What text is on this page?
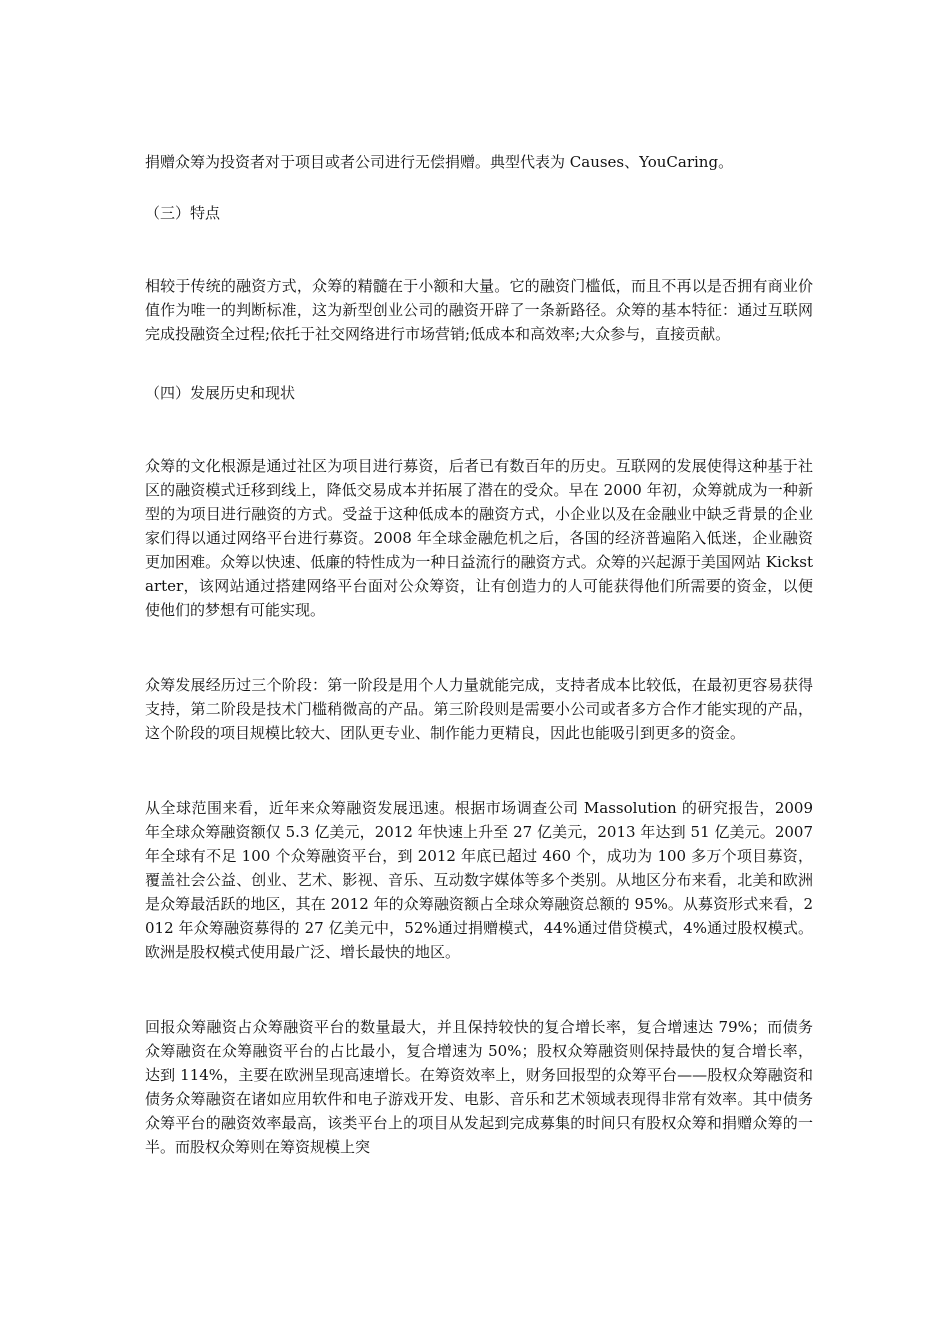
捐赠众筹为投资者对于项目或者公司进行无偿捐赠。典型代表为 Causes、YouCaring。

（三）特点

相较于传统的融资方式，众筹的精髓在于小额和大量。它的融资门槛低，而且不再以是否拥有商业价值作为唯一的判断标准，这为新型创业公司的融资开辟了一条新路径。众筹的基本特征：通过互联网完成投融资全过程;依托于社交网络进行市场营销;低成本和高效率;大众参与，直接贡献。

（四）发展历史和现状

众筹的文化根源是通过社区为项目进行募资，后者已有数百年的历史。互联网的发展使得这种基于社区的融资模式迁移到线上，降低交易成本并拓展了潜在的受众。早在 2000 年初，众筹就成为一种新型的为项目进行融资的方式。受益于这种低成本的融资方式，小企业以及在金融业中缺乏背景的企业家们得以通过网络平台进行募资。2008 年全球金融危机之后，各国的经济普遍陷入低迷，企业融资更加困难。众筹以快速、低廉的特性成为一种日益流行的融资方式。众筹的兴起源于美国网站 Kickstarter，该网站通过搭建网络平台面对公众筹资，让有创造力的人可能获得他们所需要的资金，以便使他们的梦想有可能实现。

众筹发展经历过三个阶段：第一阶段是用个人力量就能完成，支持者成本比较低，在最初更容易获得支持，第二阶段是技术门槛稍微高的产品。第三阶段则是需要小公司或者多方合作才能实现的产品，这个阶段的项目规模比较大、团队更专业、制作能力更精良，因此也能吸引到更多的资金。

从全球范围来看，近年来众筹融资发展迅速。根据市场调查公司 Massolution 的研究报告，2009 年全球众筹融资额仅 5.3 亿美元，2012 年快速上升至 27 亿美元，2013 年达到 51 亿美元。2007 年全球有不足 100 个众筹融资平台，到 2012 年底已超过 460 个，成功为 100 多万个项目募资，覆盖社会公益、创业、艺术、影视、音乐、互动数字媒体等多个类别。从地区分布来看，北美和欧洲是众筹最活跃的地区，其在 2012 年的众筹融资额占全球众筹融资总额的 95%。从募资形式来看，2012 年众筹融资募得的 27 亿美元中，52%通过捐赠模式，44%通过借贷模式，4%通过股权模式。欧洲是股权模式使用最广泛、增长最快的地区。

回报众筹融资占众筹融资平台的数量最大，并且保持较快的复合增长率，复合增速达 79%；而债务众筹融资在众筹融资平台的占比最小，复合增速为 50%；股权众筹融资则保持最快的复合增长率，达到 114%，主要在欧洲呈现高速增长。在筹资效率上，财务回报型的众筹平台——股权众筹融资和债务众筹融资在诸如应用软件和电子游戏开发、电影、音乐和艺术领域表现得非常有效率。其中债务众筹平台的融资效率最高，该类平台上的项目从发起到完成募集的时间只有股权众筹和捐赠众筹的一半。而股权众筹则在筹资规模上突
